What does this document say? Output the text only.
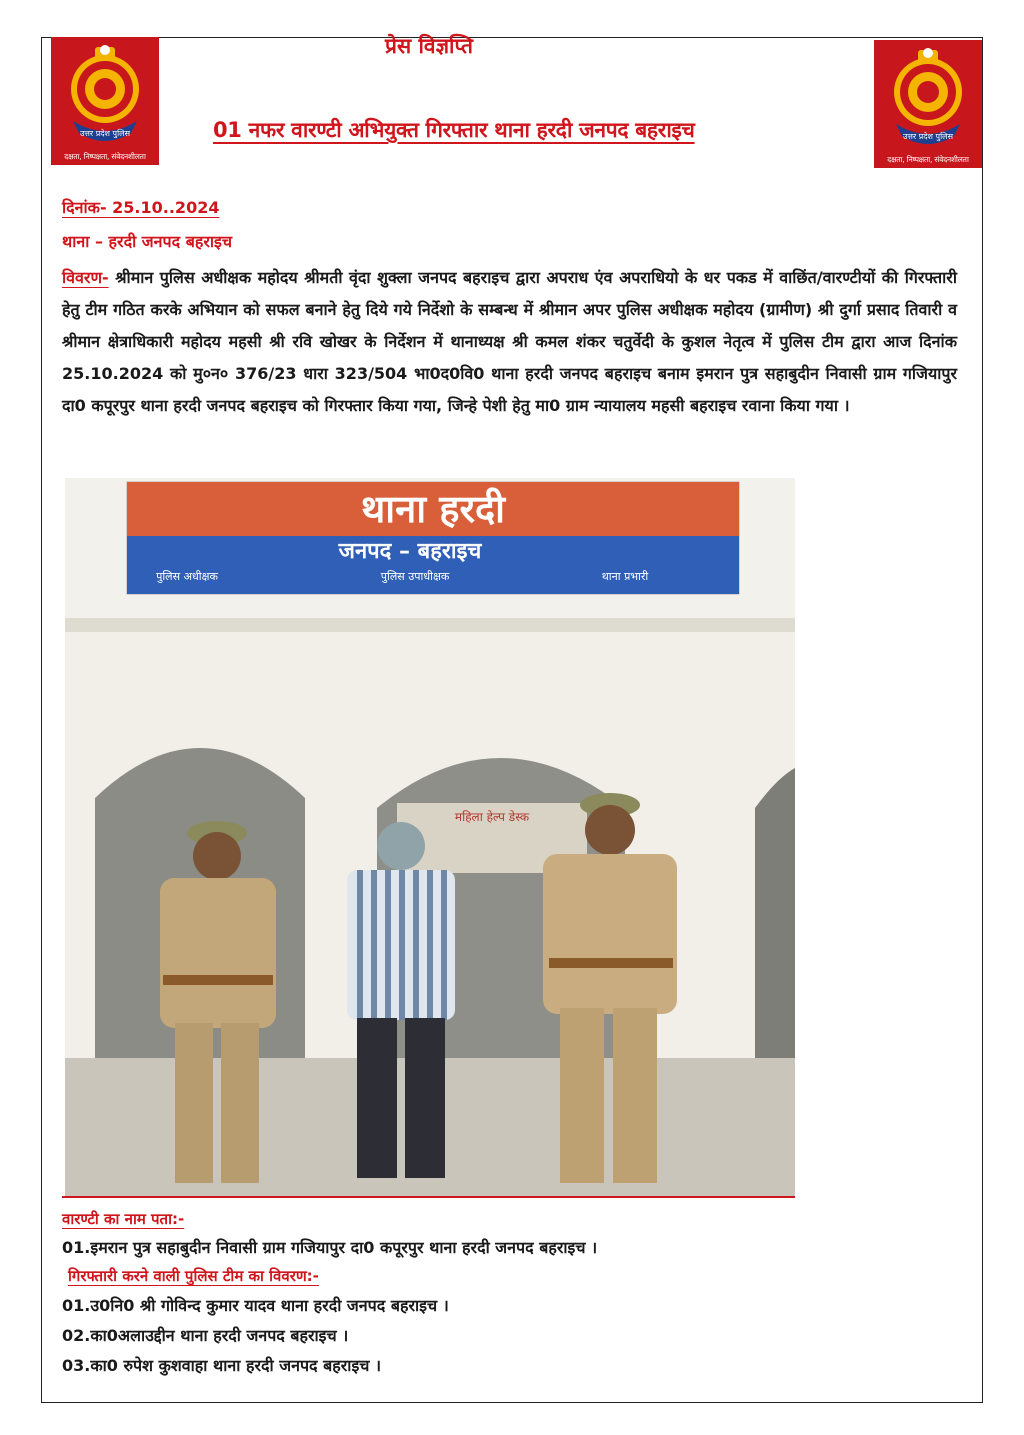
उत्तर प्रदेश पुलिस
दक्षता, निष्पक्षता, संवेदनशीलता
उत्तर प्रदेश पुलिस
दक्षता, निष्पक्षता, संवेदनशीलता
प्रेस विज्ञप्ति
01 नफर वारण्टी अभियुक्त गिरफ्तार थाना हरदी जनपद बहराइच
दिनांक- 25.10..2024
थाना – हरदी जनपद बहराइच
विवरण- श्रीमान पुलिस अधीक्षक महोदय श्रीमती वृंदा शुक्ला जनपद बहराइच द्वारा अपराध एंव अपराधियो के धर पकड में वाछिंत/वारण्टीयों की गिरफ्तारी हेतु टीम गठित करके अभियान को सफल बनाने हेतु दिये गये निर्देशो के सम्बन्ध में श्रीमान अपर पुलिस अधीक्षक महोदय (ग्रामीण) श्री दुर्गा प्रसाद तिवारी व श्रीमान क्षेत्राधिकारी महोदय महसी श्री रवि खोखर के निर्देशन में थानाध्यक्ष श्री कमल शंकर चतुर्वेदी के कुशल नेतृत्व में पुलिस टीम द्वारा आज दिनांक 25.10.2024 को मु०न० 376/23 धारा 323/504 भा0द0वि0 थाना हरदी जनपद बहराइच बनाम इमरान पुत्र सहाबुदीन निवासी ग्राम गजियापुर दा0 कपूरपुर थाना हरदी जनपद बहराइच को गिरफ्तार किया गया, जिन्हे पेशी हेतु मा0 ग्राम न्यायालय महसी बहराइच रवाना किया गया ।
थाना हरदी
जनपद – बहराइच
पुलिस अधीक्षक	पुलिस उपाधीक्षक	थाना प्रभारी
महिला हेल्प डेस्क
वारण्टी का नाम पता:-
01.इमरान पुत्र सहाबुदीन निवासी ग्राम गजियापुर दा0 कपूरपुर थाना हरदी जनपद बहराइच ।
गिरफ्तारी करने वाली पुलिस टीम का विवरण:-
01.उ0नि0 श्री गोविन्द कुमार यादव थाना हरदी जनपद बहराइच ।
02.का0अलाउद्दीन थाना हरदी जनपद बहराइच ।
03.का0 रुपेश कुशवाहा थाना हरदी जनपद बहराइच ।
